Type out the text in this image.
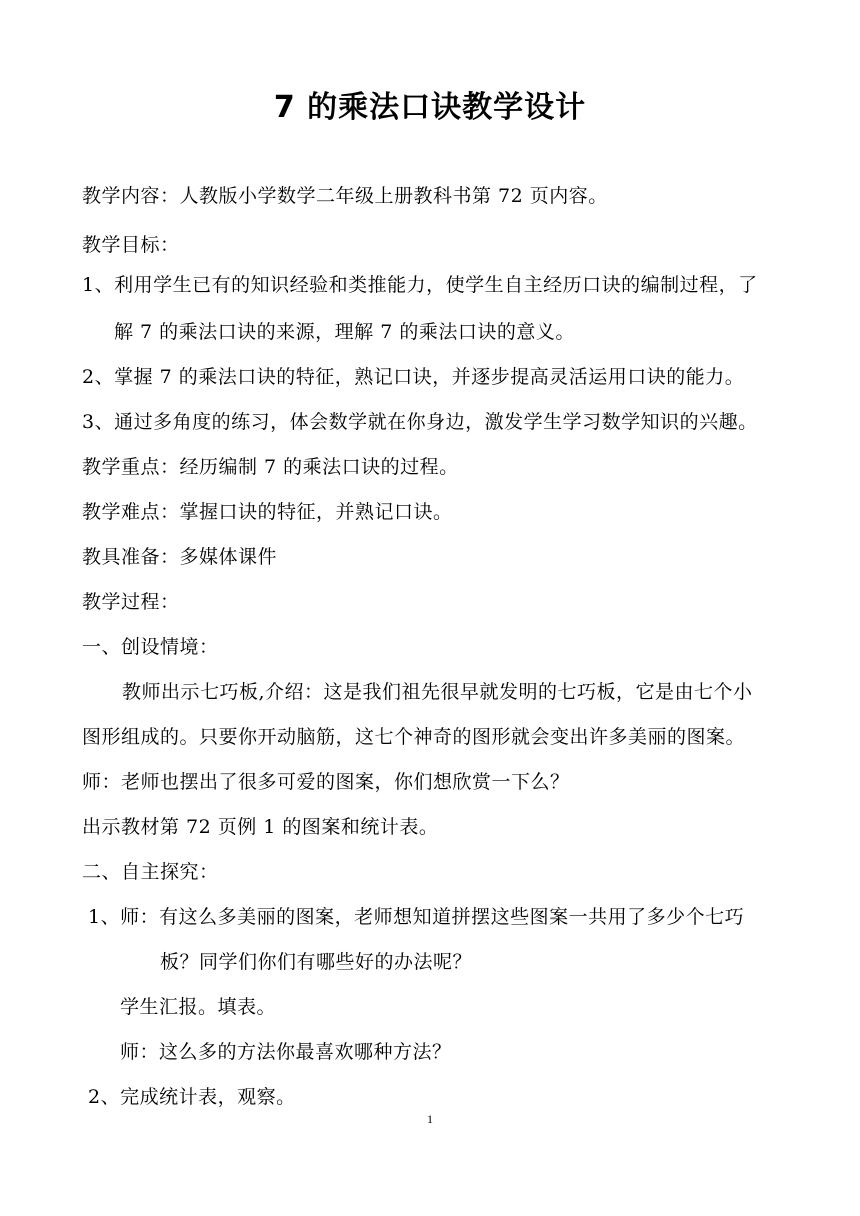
7 的乘法口诀教学设计
教学内容：人教版小学数学二年级上册教科书第 72 页内容。
教学目标：
1、利用学生已有的知识经验和类推能力，使学生自主经历口诀的编制过程，了
解 7 的乘法口诀的来源，理解 7 的乘法口诀的意义。
2、掌握 7 的乘法口诀的特征，熟记口诀，并逐步提高灵活运用口诀的能力。
3、通过多角度的练习，体会数学就在你身边，激发学生学习数学知识的兴趣。
教学重点：经历编制 7 的乘法口诀的过程。
教学难点：掌握口诀的特征，并熟记口诀。
教具准备：多媒体课件
教学过程：
一、创设情境：
教师出示七巧板,介绍：这是我们祖先很早就发明的七巧板，它是由七个小
图形组成的。只要你开动脑筋，这七个神奇的图形就会变出许多美丽的图案。
师：老师也摆出了很多可爱的图案，你们想欣赏一下么？
出示教材第 72 页例 1 的图案和统计表。
二、自主探究：
1、师：有这么多美丽的图案，老师想知道拼摆这些图案一共用了多少个七巧
板？同学们你们有哪些好的办法呢？
学生汇报。填表。
师：这么多的方法你最喜欢哪种方法？
2、完成统计表，观察。
1
